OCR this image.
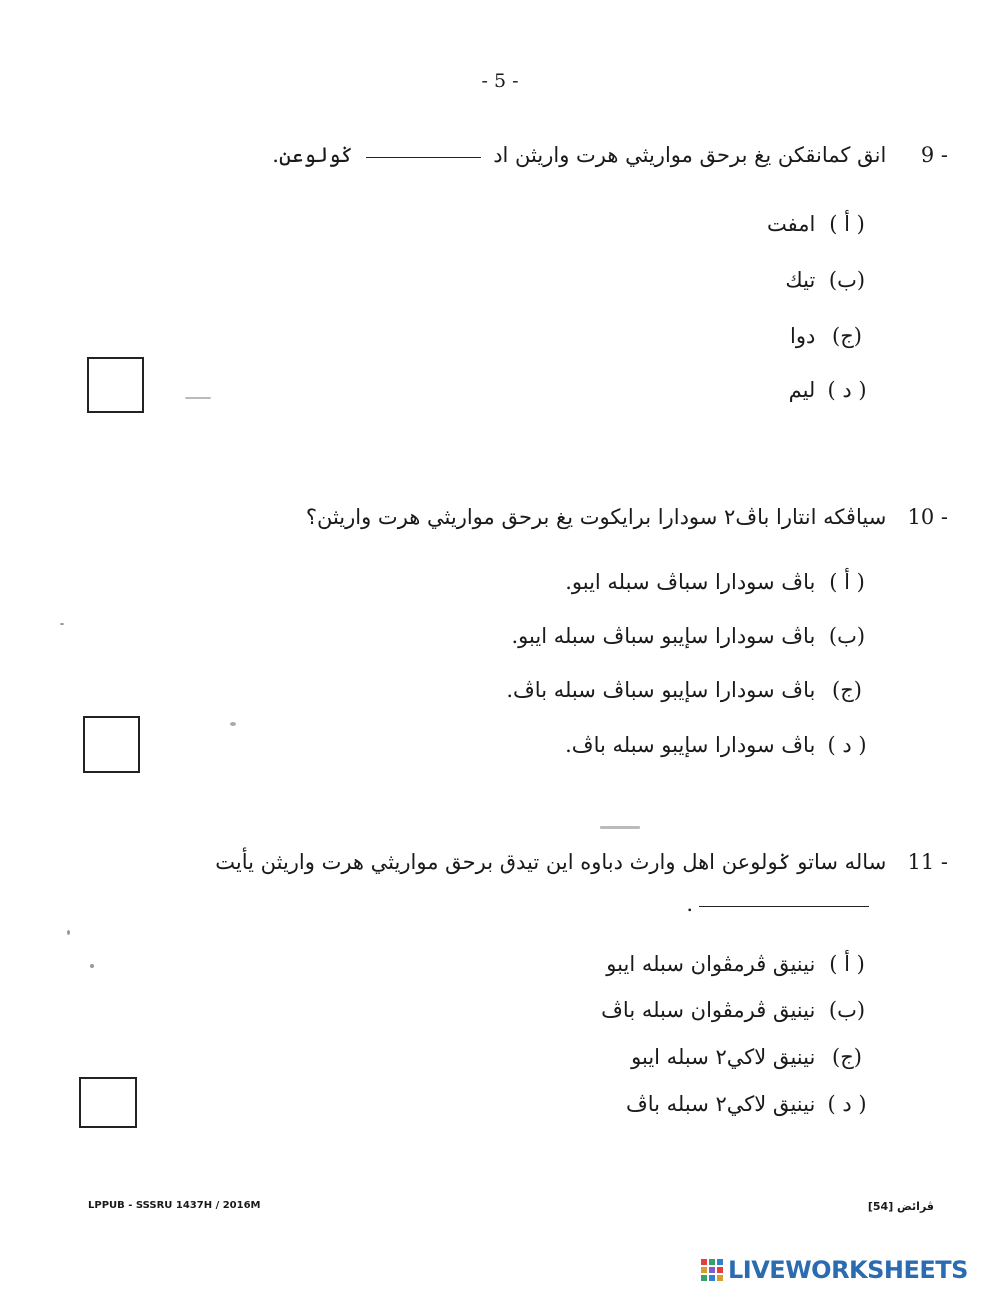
- 5 -
9 - انق كمانقكن يغ برحق مواريثي هرت واريثن اد  ݢولوعن.
( أ ) امفت
(ب) تيك
(ج) دوا
( د ) ليم
10 - سياڤكه انتارا باڤ٢ سودارا برايكوت يغ برحق مواريثي هرت واريثن؟
( أ ) باڤ سودارا سباڤ سبله ايبو.
(ب) باڤ سودارا سإيبو سباڤ سبله ايبو.
(ج) باڤ سودارا سإيبو سباڤ سبله باڤ.
( د ) باڤ سودارا سإيبو سبله باڤ.
11 - ساله ساتو ݢولوعن اهل وارث دباوه اين تيدق برحق مواريثي هرت واريثن يأيت
.
( أ ) نينيق ڤرمڤوان سبله ايبو
(ب) نينيق ڤرمڤوان سبله باڤ
(ج) نينيق لاكي٢ سبله ايبو
( د ) نينيق لاكي٢ سبله باڤ
LPPUB - SSSRU 1437H / 2016M	ڤرائض [54]
LIVEWORKSHEETS
